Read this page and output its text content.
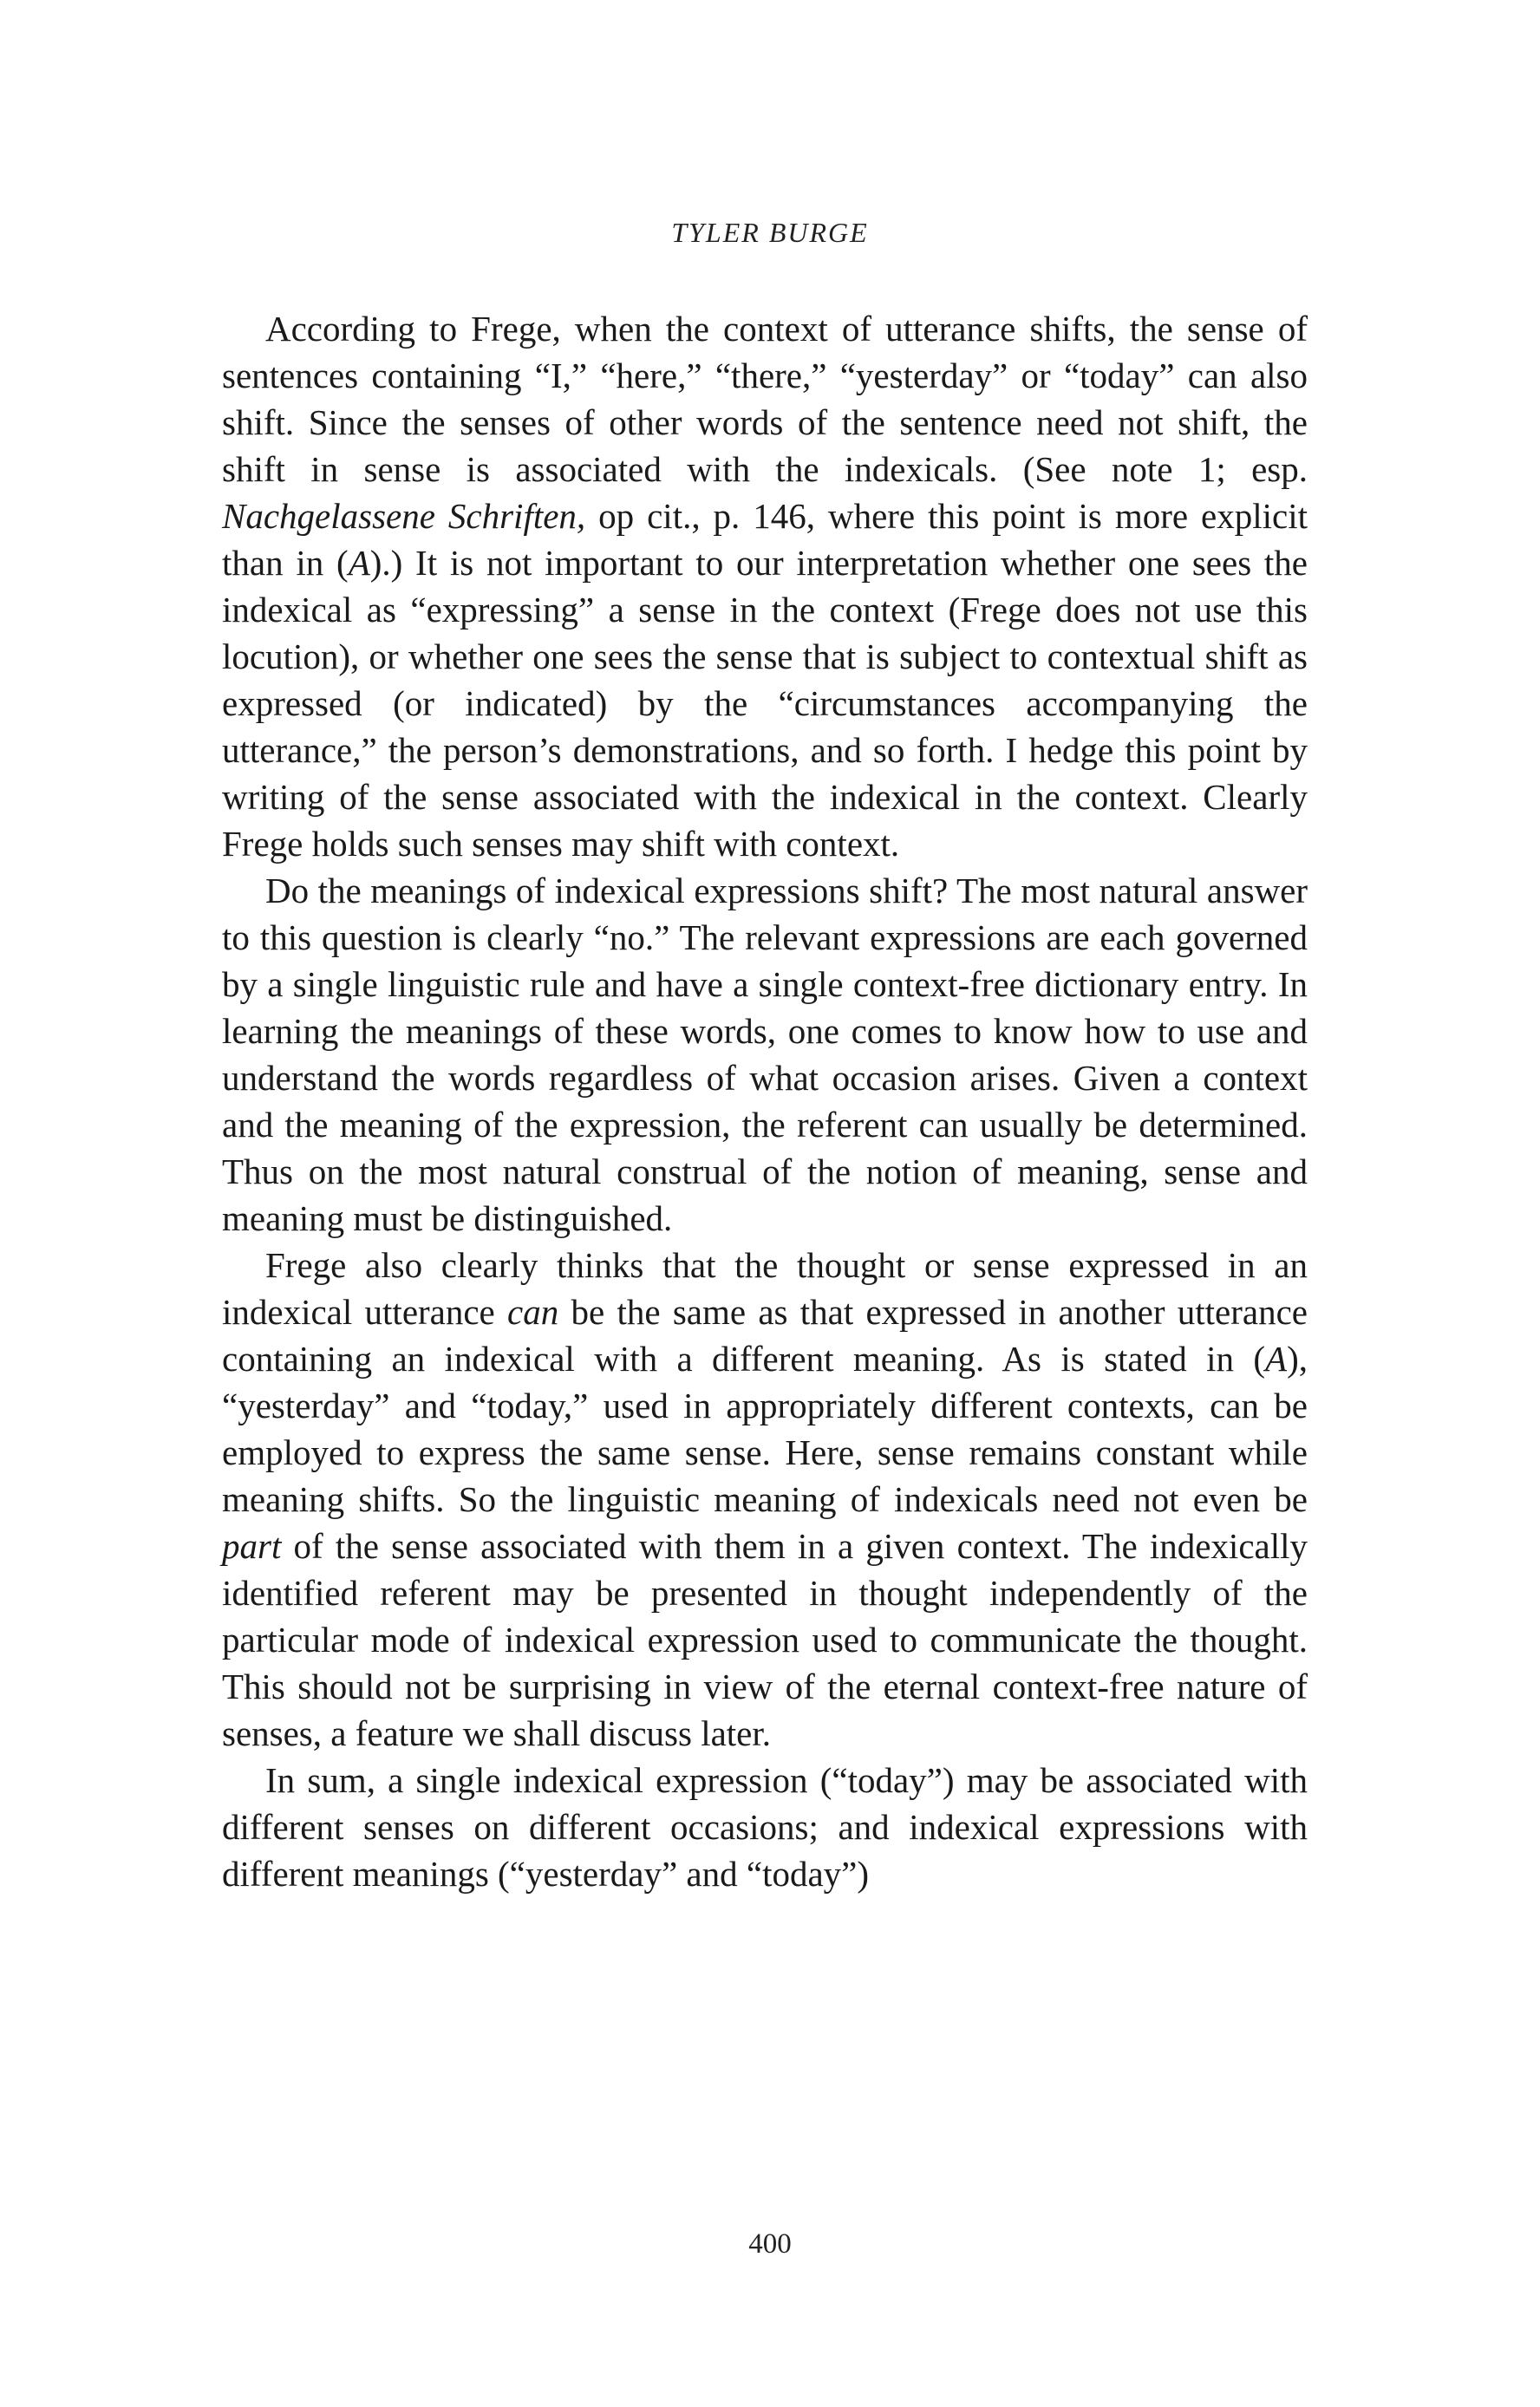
TYLER BURGE

According to Frege, when the context of utterance shifts, the sense of sentences containing “I,” “here,” “there,” “yesterday” or “today” can also shift. Since the senses of other words of the sentence need not shift, the shift in sense is associated with the indexicals. (See note 1; esp. Nachgelassene Schriften, op cit., p. 146, where this point is more explicit than in (A).) It is not important to our interpretation whether one sees the indexical as “expressing” a sense in the context (Frege does not use this locution), or whether one sees the sense that is subject to contextual shift as expressed (or indicated) by the “circumstances accompanying the utterance,” the person’s demonstrations, and so forth. I hedge this point by writing of the sense associated with the indexical in the context. Clearly Frege holds such senses may shift with context.

Do the meanings of indexical expressions shift? The most natural answer to this question is clearly “no.” The relevant expressions are each governed by a single linguistic rule and have a single context-free dictionary entry. In learning the meanings of these words, one comes to know how to use and understand the words regardless of what occasion arises. Given a context and the meaning of the expression, the referent can usually be determined. Thus on the most natural construal of the notion of meaning, sense and meaning must be distinguished.

Frege also clearly thinks that the thought or sense expressed in an indexical utterance can be the same as that expressed in another utterance containing an indexical with a different meaning. As is stated in (A), “yesterday” and “today,” used in appropriately different contexts, can be employed to express the same sense. Here, sense remains constant while meaning shifts. So the linguistic meaning of indexicals need not even be part of the sense associated with them in a given context. The indexically identified referent may be presented in thought independently of the particular mode of indexical expression used to communicate the thought. This should not be surprising in view of the eternal context-free nature of senses, a feature we shall discuss later.

In sum, a single indexical expression (“today”) may be associated with different senses on different occasions; and indexical expressions with different meanings (“yesterday” and “today”)

400
